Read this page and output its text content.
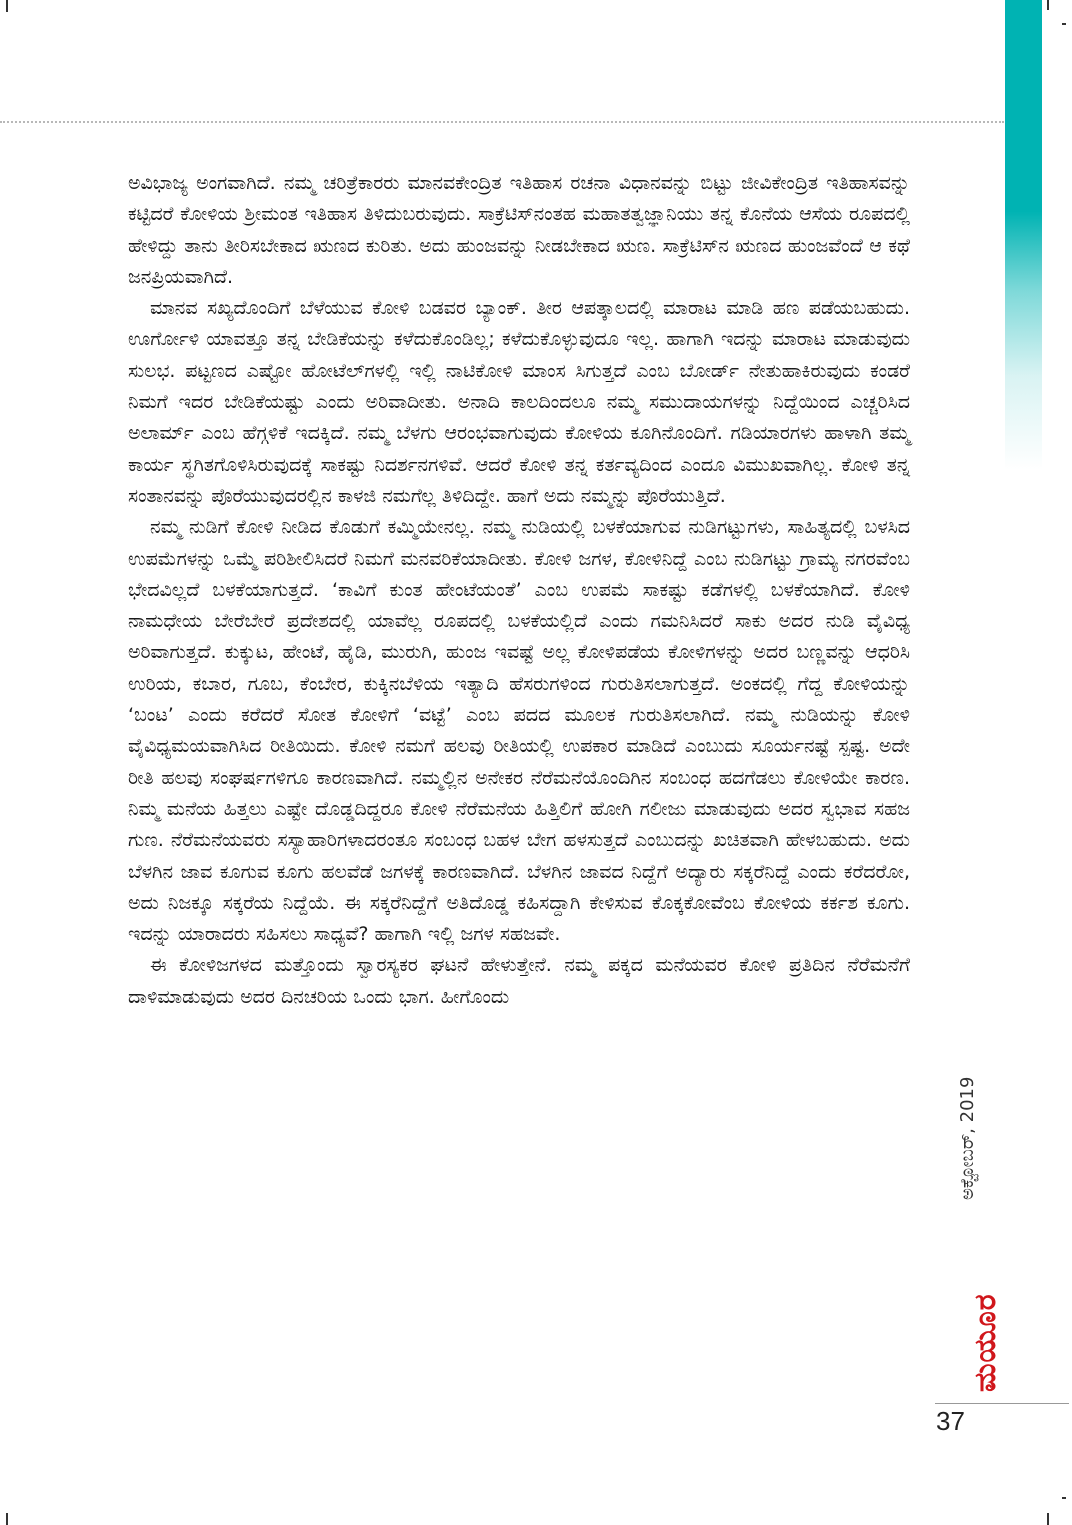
ಅವಿಭಾಜ್ಯ ಅಂಗವಾಗಿದೆ. ನಮ್ಮ ಚರಿತ್ರೆಕಾರರು ಮಾನವಕೇಂದ್ರಿತ ಇತಿಹಾಸ ರಚನಾ ವಿಧಾನವನ್ನು ಬಿಟ್ಟು ಜೀವಿಕೇಂದ್ರಿತ ಇತಿಹಾಸವನ್ನು ಕಟ್ಟಿದರೆ ಕೋಳಿಯ ಶ್ರೀಮಂತ ಇತಿಹಾಸ ತಿಳಿದುಬರುವುದು. ಸಾಕ್ರೆಟಿಸ್‌ನಂತಹ ಮಹಾತತ್ವಜ್ಞಾನಿಯು ತನ್ನ ಕೊನೆಯ ಆಸೆಯ ರೂಪದಲ್ಲಿ ಹೇಳಿದ್ದು ತಾನು ತೀರಿಸಬೇಕಾದ ಋಣದ ಕುರಿತು. ಅದು ಹುಂಜವನ್ನು ನೀಡಬೇಕಾದ ಋಣ. ಸಾಕ್ರೆಟಿಸ್‌ನ ಋಣದ ಹುಂಜವೆಂದೆ ಆ ಕಥೆ ಜನಪ್ರಿಯವಾಗಿದೆ.

ಮಾನವ ಸಖ್ಯದೊಂದಿಗೆ ಬೆಳೆಯುವ ಕೋಳಿ ಬಡವರ ಬ್ಯಾಂಕ್. ತೀರ ಆಪತ್ಕಾಲದಲ್ಲಿ ಮಾರಾಟ ಮಾಡಿ ಹಣ ಪಡೆಯಬಹುದು. ಊರ್ಗೋಳಿ ಯಾವತ್ತೂ ತನ್ನ ಬೇಡಿಕೆಯನ್ನು ಕಳೆದುಕೊಂಡಿಲ್ಲ; ಕಳೆದುಕೊಳ್ಳುವುದೂ ಇಲ್ಲ. ಹಾಗಾಗಿ ಇದನ್ನು ಮಾರಾಟ ಮಾಡುವುದು ಸುಲಭ. ಪಟ್ಟಣದ ಎಷ್ಟೋ ಹೋಟೆಲ್‌ಗಳಲ್ಲಿ ಇಲ್ಲಿ ನಾಟಿಕೋಳಿ ಮಾಂಸ ಸಿಗುತ್ತದೆ ಎಂಬ ಬೋರ್ಡ್ ನೇತುಹಾಕಿರುವುದು ಕಂಡರೆ ನಿಮಗೆ ಇದರ ಬೇಡಿಕೆಯಷ್ಟು ಎಂದು ಅರಿವಾದೀತು. ಅನಾದಿ ಕಾಲದಿಂದಲೂ ನಮ್ಮ ಸಮುದಾಯಗಳನ್ನು ನಿದ್ದೆಯಿಂದ ಎಚ್ಚರಿಸಿದ ಅಲಾರ್ಮ್ ಎಂಬ ಹೆಗ್ಗಳಿಕೆ ಇದಕ್ಕಿದೆ. ನಮ್ಮ ಬೆಳಗು ಆರಂಭವಾಗುವುದು ಕೋಳಿಯ ಕೂಗಿನೊಂದಿಗೆ. ಗಡಿಯಾರಗಳು ಹಾಳಾಗಿ ತಮ್ಮ ಕಾರ್ಯ ಸ್ಥಗಿತಗೊಳಿಸಿರುವುದಕ್ಕೆ ಸಾಕಷ್ಟು ನಿದರ್ಶನಗಳಿವೆ. ಆದರೆ ಕೋಳಿ ತನ್ನ ಕರ್ತವ್ಯದಿಂದ ಎಂದೂ ವಿಮುಖವಾಗಿಲ್ಲ. ಕೋಳಿ ತನ್ನ ಸಂತಾನವನ್ನು ಪೊರೆಯುವುದರಲ್ಲಿನ ಕಾಳಜಿ ನಮಗೆಲ್ಲ ತಿಳಿದಿದ್ದೇ. ಹಾಗೆ ಅದು ನಮ್ಮನ್ನು ಪೊರೆಯುತ್ತಿದೆ.

ನಮ್ಮ ನುಡಿಗೆ ಕೋಳಿ ನೀಡಿದ ಕೊಡುಗೆ ಕಮ್ಮಿಯೇನಲ್ಲ. ನಮ್ಮ ನುಡಿಯಲ್ಲಿ ಬಳಕೆಯಾಗುವ ನುಡಿಗಟ್ಟುಗಳು, ಸಾಹಿತ್ಯದಲ್ಲಿ ಬಳಸಿದ ಉಪಮೆಗಳನ್ನು ಒಮ್ಮೆ ಪರಿಶೀಲಿಸಿದರೆ ನಿಮಗೆ ಮನವರಿಕೆಯಾದೀತು. ಕೋಳಿ ಜಗಳ, ಕೋಳಿನಿದ್ದೆ ಎಂಬ ನುಡಿಗಟ್ಟು ಗ್ರಾಮ್ಯ ನಗರವೆಂಬ ಭೇದವಿಲ್ಲದೆ ಬಳಕೆಯಾಗುತ್ತದೆ. ‘ಕಾವಿಗೆ ಕುಂತ ಹೇಂಟೆಯಂತೆ’ ಎಂಬ ಉಪಮೆ ಸಾಕಷ್ಟು ಕಡೆಗಳಲ್ಲಿ ಬಳಕೆಯಾಗಿದೆ. ಕೋಳಿ ನಾಮಧೇಯ ಬೇರೆಬೇರೆ ಪ್ರದೇಶದಲ್ಲಿ ಯಾವೆಲ್ಲ ರೂಪದಲ್ಲಿ ಬಳಕೆಯಲ್ಲಿದೆ ಎಂದು ಗಮನಿಸಿದರೆ ಸಾಕು ಅದರ ನುಡಿ ವೈವಿಧ್ಯ ಅರಿವಾಗುತ್ತದೆ. ಕುಕ್ಕುಟ, ಹೇಂಟೆ, ಹೈಡಿ, ಮುರುಗಿ, ಹುಂಜ ಇವಷ್ಟೆ ಅಲ್ಲ ಕೋಳಿಪಡೆಯ ಕೋಳಿಗಳನ್ನು ಅದರ ಬಣ್ಣವನ್ನು ಆಧರಿಸಿ ಉರಿಯ, ಕಬಾರ, ಗೂಬ, ಕೆಂಬೇರ, ಕುಕ್ಕಿನಬೆಳಿಯ ಇತ್ಯಾದಿ ಹೆಸರುಗಳಿಂದ ಗುರುತಿಸಲಾಗುತ್ತದೆ. ಅಂಕದಲ್ಲಿ ಗೆದ್ದ ಕೋಳಿಯನ್ನು ‘ಬಂಟ’ ಎಂದು ಕರೆದರೆ ಸೋತ ಕೋಳಿಗೆ ‘ವಟ್ಟೆ’ ಎಂಬ ಪದದ ಮೂಲಕ ಗುರುತಿಸಲಾಗಿದೆ. ನಮ್ಮ ನುಡಿಯನ್ನು ಕೋಳಿ ವೈವಿಧ್ಯಮಯವಾಗಿಸಿದ ರೀತಿಯಿದು. ಕೋಳಿ ನಮಗೆ ಹಲವು ರೀತಿಯಲ್ಲಿ ಉಪಕಾರ ಮಾಡಿದೆ ಎಂಬುದು ಸೂರ್ಯನಷ್ಟೆ ಸ್ಪಷ್ಟ. ಅದೇ ರೀತಿ ಹಲವು ಸಂಘರ್ಷಗಳಿಗೂ ಕಾರಣವಾಗಿದೆ. ನಮ್ಮಲ್ಲಿನ ಅನೇಕರ ನೆರೆಮನೆಯೊಂದಿಗಿನ ಸಂಬಂಧ ಹದಗೆಡಲು ಕೋಳಿಯೇ ಕಾರಣ. ನಿಮ್ಮ ಮನೆಯ ಹಿತ್ತಲು ಎಷ್ಟೇ ದೊಡ್ಡದಿದ್ದರೂ ಕೋಳಿ ನೆರೆಮನೆಯ ಹಿತ್ತಿಲಿಗೆ ಹೋಗಿ ಗಲೀಜು ಮಾಡುವುದು ಅದರ ಸ್ವಭಾವ ಸಹಜ ಗುಣ. ನೆರೆಮನೆಯವರು ಸಸ್ಯಾಹಾರಿಗಳಾದರಂತೂ ಸಂಬಂಧ ಬಹಳ ಬೇಗ ಹಳಸುತ್ತದೆ ಎಂಬುದನ್ನು ಖಚಿತವಾಗಿ ಹೇಳಬಹುದು. ಅದು ಬೆಳಗಿನ ಜಾವ ಕೂಗುವ ಕೂಗು ಹಲವೆಡೆ ಜಗಳಕ್ಕೆ ಕಾರಣವಾಗಿದೆ. ಬೆಳಗಿನ ಜಾವದ ನಿದ್ದೆಗೆ ಅದ್ಯಾರು ಸಕ್ಕರೆನಿದ್ದೆ ಎಂದು ಕರೆದರೋ, ಅದು ನಿಜಕ್ಕೂ ಸಕ್ಕರೆಯ ನಿದ್ದೆಯೆ. ಈ ಸಕ್ಕರೆನಿದ್ದೆಗೆ ಅತಿದೊಡ್ಡ ಕಹಿಸದ್ದಾಗಿ ಕೇಳಿಸುವ ಕೊಕ್ಕಕೋವೆಂಬ ಕೋಳಿಯ ಕರ್ಕಶ ಕೂಗು. ಇದನ್ನು ಯಾರಾದರು ಸಹಿಸಲು ಸಾಧ್ಯವೆ? ಹಾಗಾಗಿ ಇಲ್ಲಿ ಜಗಳ ಸಹಜವೇ.

ಈ ಕೋಳಿಜಗಳದ ಮತ್ತೊಂದು ಸ್ವಾರಸ್ಯಕರ ಘಟನೆ ಹೇಳುತ್ತೇನೆ. ನಮ್ಮ ಪಕ್ಕದ ಮನೆಯವರ ಕೋಳಿ ಪ್ರತಿದಿನ ನೆರೆಮನೆಗೆ ದಾಳಿಮಾಡುವುದು ಅದರ ದಿನಚರಿಯ ಒಂದು ಭಾಗ. ಹೀಗೊಂದು

ಅಕ್ಟೋಬರ್, 2019
ಮಯೂರ
37
